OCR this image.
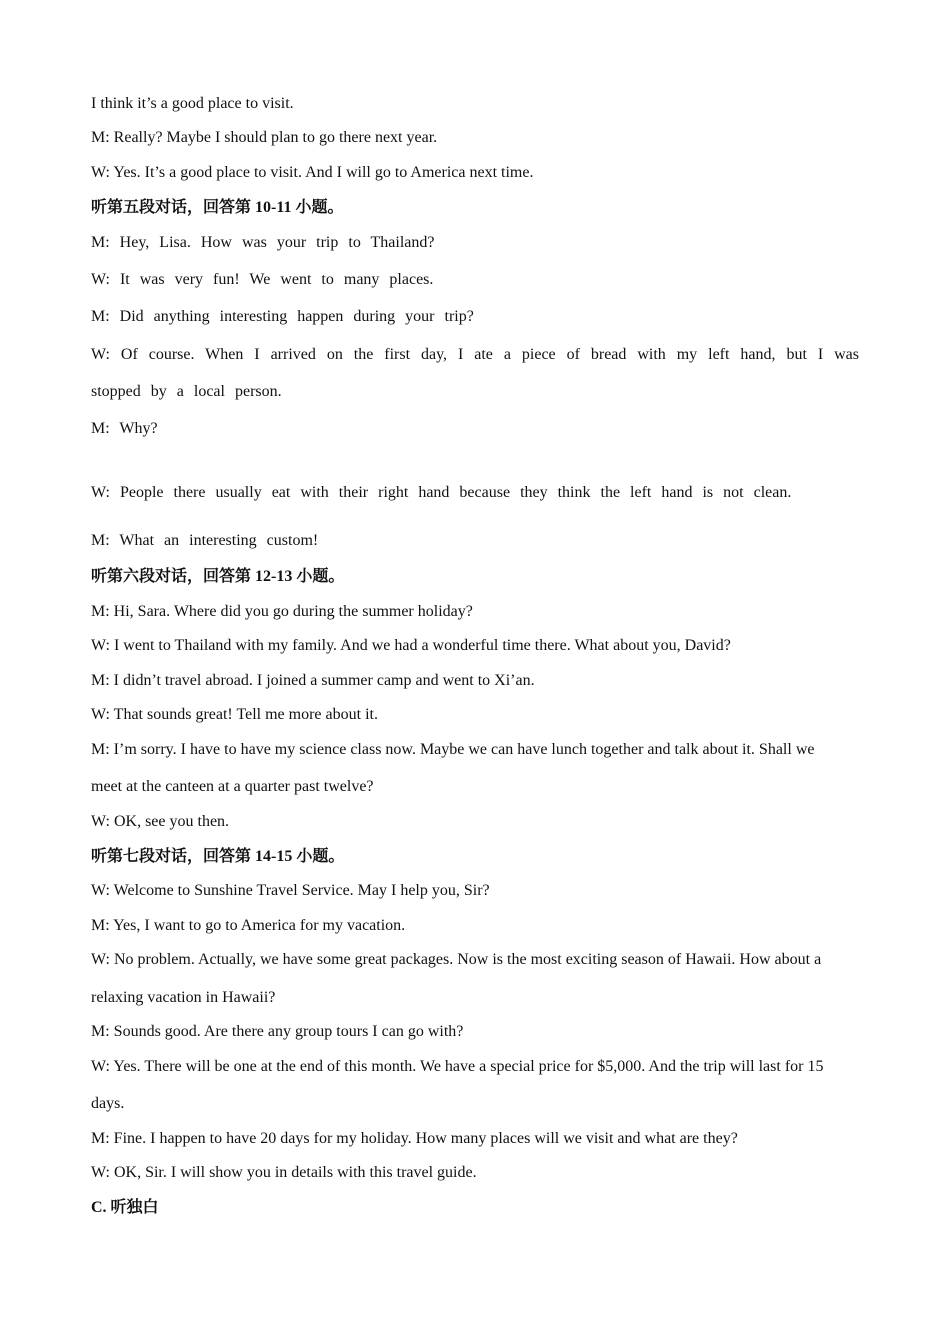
I think it’s a good place to visit.
M: Really? Maybe I should plan to go there next year.
W: Yes. It’s a good place to visit. And I will go to America next time.
听第五段对话，回答第 10-11 小题。
M: Hey, Lisa. How was your trip to Thailand?
W: It was very fun! We went to many places.
M: Did anything interesting happen during your trip?
W: Of course. When I arrived on the first day, I ate a piece of bread with my left hand, but I was
stopped by a local person.
M: Why?
W: People there usually eat with their right hand because they think the left hand is not clean.
M: What an interesting custom!
听第六段对话，回答第 12-13 小题。
M: Hi, Sara. Where did you go during the summer holiday?
W: I went to Thailand with my family. And we had a wonderful time there. What about you, David?
M: I didn’t travel abroad. I joined a summer camp and went to Xi’an.
W: That sounds great! Tell me more about it.
M: I’m sorry. I have to have my science class now. Maybe we can have lunch together and talk about it. Shall we
meet at the canteen at a quarter past twelve?
W: OK, see you then.
听第七段对话，回答第 14-15 小题。
W: Welcome to Sunshine Travel Service. May I help you, Sir?
M: Yes, I want to go to America for my vacation.
W: No problem. Actually, we have some great packages. Now is the most exciting season of Hawaii. How about a
relaxing vacation in Hawaii?
M: Sounds good. Are there any group tours I can go with?
W: Yes. There will be one at the end of this month. We have a special price for $5,000. And the trip will last for 15
days.
M: Fine. I happen to have 20 days for my holiday. How many places will we visit and what are they?
W: OK, Sir. I will show you in details with this travel guide.
C. 听独白
